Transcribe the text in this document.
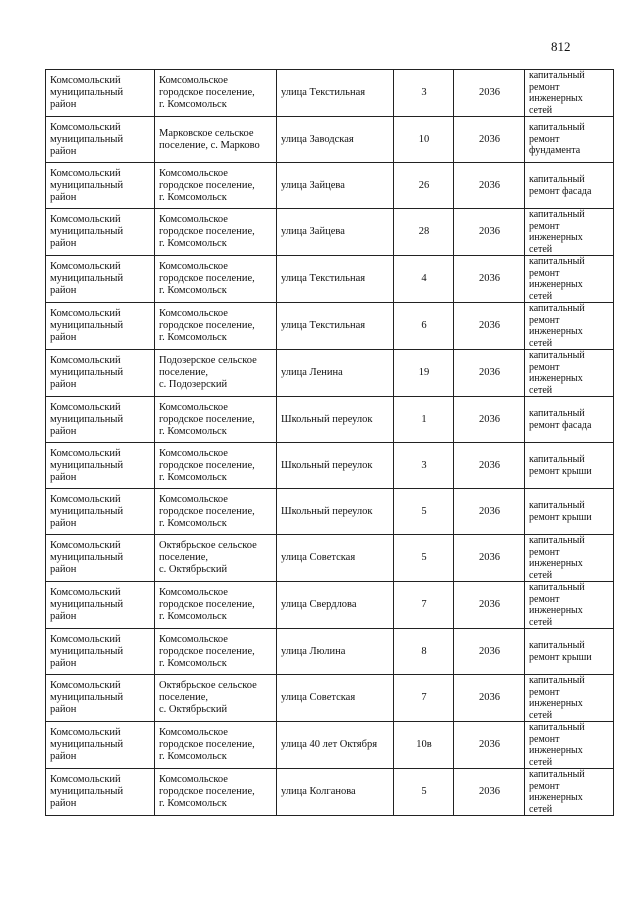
812
Комсомольский
муниципальный
район	Комсомольское
городское поселение,
г. Комсомольск	улица Текстильная	3	2036	капитальный
ремонт
инженерных
сетей

Комсомольский
муниципальный
район	Марковское сельское
поселение, с. Марково	улица Заводская	10	2036	капитальный
ремонт
фундамента

Комсомольский
муниципальный
район	Комсомольское
городское поселение,
г. Комсомольск	улица Зайцева	26	2036	капитальный
ремонт фасада

Комсомольский
муниципальный
район	Комсомольское
городское поселение,
г. Комсомольск	улица Зайцева	28	2036	капитальный
ремонт
инженерных
сетей

Комсомольский
муниципальный
район	Комсомольское
городское поселение,
г. Комсомольск	улица Текстильная	4	2036	капитальный
ремонт
инженерных
сетей

Комсомольский
муниципальный
район	Комсомольское
городское поселение,
г. Комсомольск	улица Текстильная	6	2036	капитальный
ремонт
инженерных
сетей

Комсомольский
муниципальный
район	Подозерское сельское
поселение,
с. Подозерский	улица Ленина	19	2036	капитальный
ремонт
инженерных
сетей

Комсомольский
муниципальный
район	Комсомольское
городское поселение,
г. Комсомольск	Школьный переулок	1	2036	капитальный
ремонт фасада

Комсомольский
муниципальный
район	Комсомольское
городское поселение,
г. Комсомольск	Школьный переулок	3	2036	капитальный
ремонт крыши

Комсомольский
муниципальный
район	Комсомольское
городское поселение,
г. Комсомольск	Школьный переулок	5	2036	капитальный
ремонт крыши

Комсомольский
муниципальный
район	Октябрьское сельское
поселение,
с. Октябрьский	улица Советская	5	2036	капитальный
ремонт
инженерных
сетей

Комсомольский
муниципальный
район	Комсомольское
городское поселение,
г. Комсомольск	улица Свердлова	7	2036	капитальный
ремонт
инженерных
сетей

Комсомольский
муниципальный
район	Комсомольское
городское поселение,
г. Комсомольск	улица Люлина	8	2036	капитальный
ремонт крыши

Комсомольский
муниципальный
район	Октябрьское сельское
поселение,
с. Октябрьский	улица Советская	7	2036	капитальный
ремонт
инженерных
сетей

Комсомольский
муниципальный
район	Комсомольское
городское поселение,
г. Комсомольск	улица 40 лет Октября	10в	2036	капитальный
ремонт
инженерных
сетей

Комсомольский
муниципальный
район	Комсомольское
городское поселение,
г. Комсомольск	улица Колганова	5	2036	капитальный
ремонт
инженерных
сетей
